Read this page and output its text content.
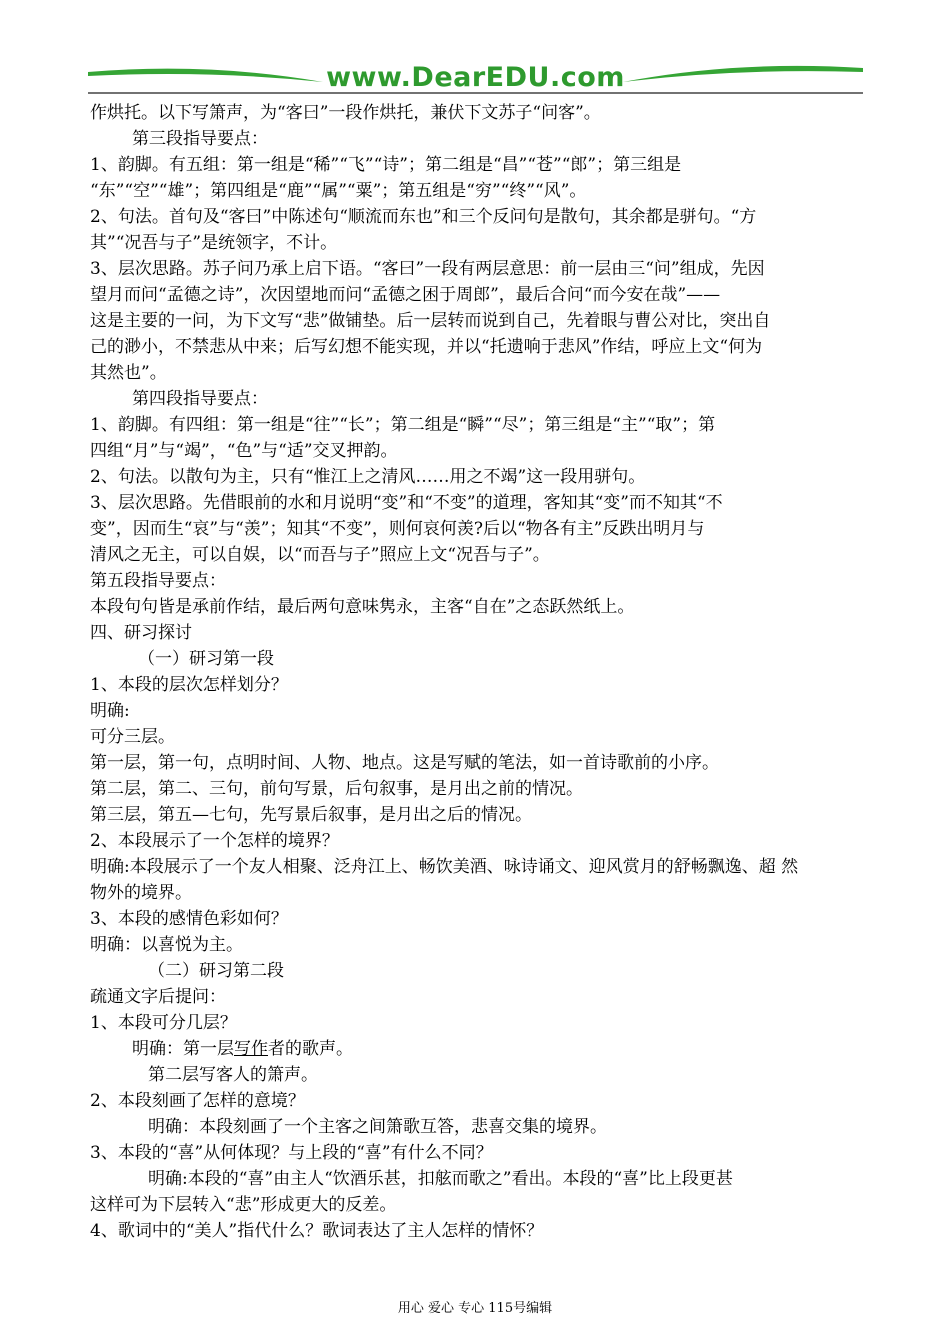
www.DearEDU.com
作烘托。以下写箫声，为“客曰”一段作烘托，兼伏下文苏子“问客”。
第三段指导要点：
1、韵脚。有五组：第一组是“稀”“飞”“诗”；第二组是“昌”“苍”“郎”；第三组是
“东”“空”“雄”；第四组是“鹿”“属”“粟”；第五组是“穷”“终”“风”。
2、句法。首句及“客曰”中陈述句“顺流而东也”和三个反问句是散句，其余都是骈句。“方
其”“况吾与子”是统领字，不计。
3、层次思路。苏子问乃承上启下语。“客曰”一段有两层意思：前一层由三“问”组成，先因
望月而问“孟德之诗”，次因望地而问“孟德之困于周郎”，最后合问“而今安在哉”——
这是主要的一问，为下文写“悲”做铺垫。后一层转而说到自己，先着眼与曹公对比，突出自
己的渺小，不禁悲从中来；后写幻想不能实现，并以“托遗响于悲风”作结，呼应上文“何为
其然也”。
第四段指导要点：
1、韵脚。有四组：第一组是“往”“长”；第二组是“瞬”“尽”；第三组是“主”“取”；第
四组“月”与“竭”，“色”与“适”交叉押韵。
2、句法。以散句为主，只有“惟江上之清风……用之不竭”这一段用骈句。
3、层次思路。先借眼前的水和月说明“变”和“不变”的道理，客知其“变”而不知其“不
变”，因而生“哀”与“羡”；知其“不变”，则何哀何羡?后以“物各有主”反跌出明月与
清风之无主，可以自娱，以“而吾与子”照应上文“况吾与子”。
第五段指导要点：
本段句句皆是承前作结，最后两句意味隽永，主客“自在”之态跃然纸上。
四、研习探讨
（一）研习第一段
1、本段的层次怎样划分？
明确:
可分三层。
第一层，第一句，点明时间、人物、地点。这是写赋的笔法，如一首诗歌前的小序。
第二层，第二、三句，前句写景，后句叙事，是月出之前的情况。
第三层，第五—七句，先写景后叙事，是月出之后的情况。
2、本段展示了一个怎样的境界？
明确:本段展示了一个友人相聚、泛舟江上、畅饮美酒、咏诗诵文、迎风赏月的舒畅飘逸、超 然
物外的境界。
3、本段的感情色彩如何？
明确：以喜悦为主。
（二）研习第二段
疏通文字后提问：
1、本段可分几层？
明确：第一层写作者的歌声。
第二层写客人的箫声。
2、本段刻画了怎样的意境？
明确：本段刻画了一个主客之间箫歌互答，悲喜交集的境界。
3、本段的“喜”从何体现？与上段的“喜”有什么不同？
明确:本段的“喜”由主人“饮酒乐甚，扣舷而歌之”看出。本段的“喜”比上段更甚
这样可为下层转入“悲”形成更大的反差。
4、歌词中的“美人”指代什么？歌词表达了主人怎样的情怀？
用心 爱心 专心 115号编辑
